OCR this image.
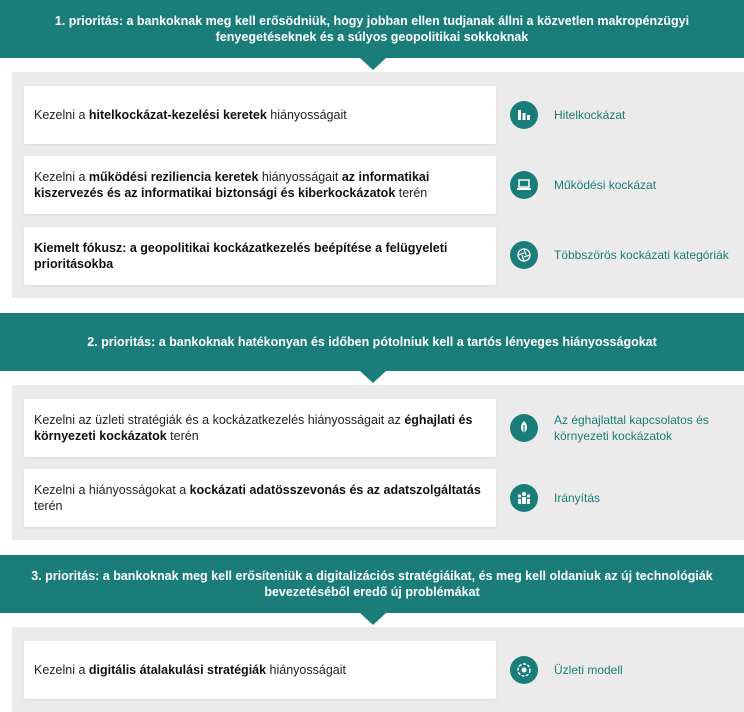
1. prioritás: a bankoknak meg kell erősödniük, hogy jobban ellen tudjanak állni a közvetlen makropénzügyi fenyegetéseknek és a súlyos geopolitikai sokkoknak
Kezelni a hitelkockázat-kezelési keretek hiányosságait	Hitelkockázat
Kezelni a működési reziliencia keretek hiányosságait az informatikai kiszervezés és az informatikai biztonsági és kiberkockázatok terén
Működési kockázat
Kiemelt fókusz: a geopolitikai kockázatkezelés beépítése a felügyeleti prioritásokba
Többszörös kockázati kategóriák
2. prioritás: a bankoknak hatékonyan és időben pótolniuk kell a tartós lényeges hiányosságokat
Kezelni az üzleti stratégiák és a kockázatkezelés hiányosságait az éghajlati és környezeti kockázatok terén
Az éghajlattal kapcsolatos és környezeti kockázatok
Kezelni a hiányosságokat a kockázati adatösszevonás és az adatszolgáltatás terén
Irányítás
3. prioritás: a bankoknak meg kell erősíteniük a digitalizációs stratégiáikat, és meg kell oldaniuk az új technológiák bevezetéséből eredő új problémákat
Kezelni a digitális átalakulási stratégiák hiányosságait	Üzleti modell
